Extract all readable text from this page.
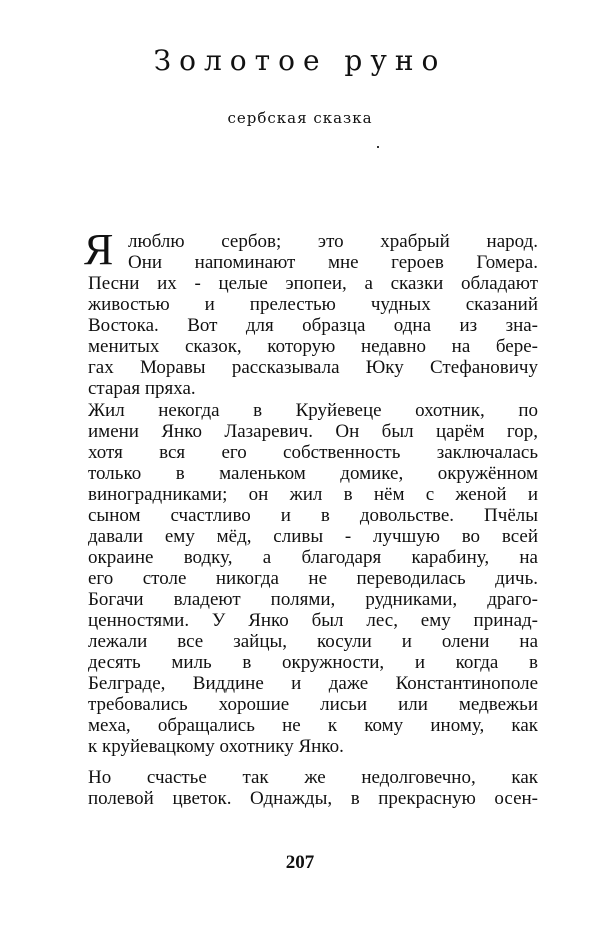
Золотое руно
сербская сказка
Я люблю сербов; это храбрый народ.
Они напоминают мне героев Гомера.
Песни их - целые эпопеи, а сказки обладают
живостью и прелестью чудных сказаний
Востока. Вот для образца одна из зна-
менитых сказок, которую недавно на бере-
гах Моравы рассказывала Юку Стефановичу
старая пряха.
Жил некогда в Круйевеце охотник, по
имени Янко Лазаревич. Он был царём гор,
хотя вся его собственность заключалась
только в маленьком домике, окружённом
виноградниками; он жил в нём с женой и
сыном счастливо и в довольстве. Пчёлы
давали ему мёд, сливы - лучшую во всей
окраине водку, а благодаря карабину, на
его столе никогда не переводилась дичь.
Богачи владеют полями, рудниками, драго-
ценностями. У Янко был лес, ему принад-
лежали все зайцы, косули и олени на
десять миль в окружности, и когда в
Белграде, Виддине и даже Константинополе
требовались хорошие лисьи или медвежьи
меха, обращались не к кому иному, как
к круйевацкому охотнику Янко.
Но счастье так же недолговечно, как
полевой цветок. Однажды, в прекрасную осен-
207
